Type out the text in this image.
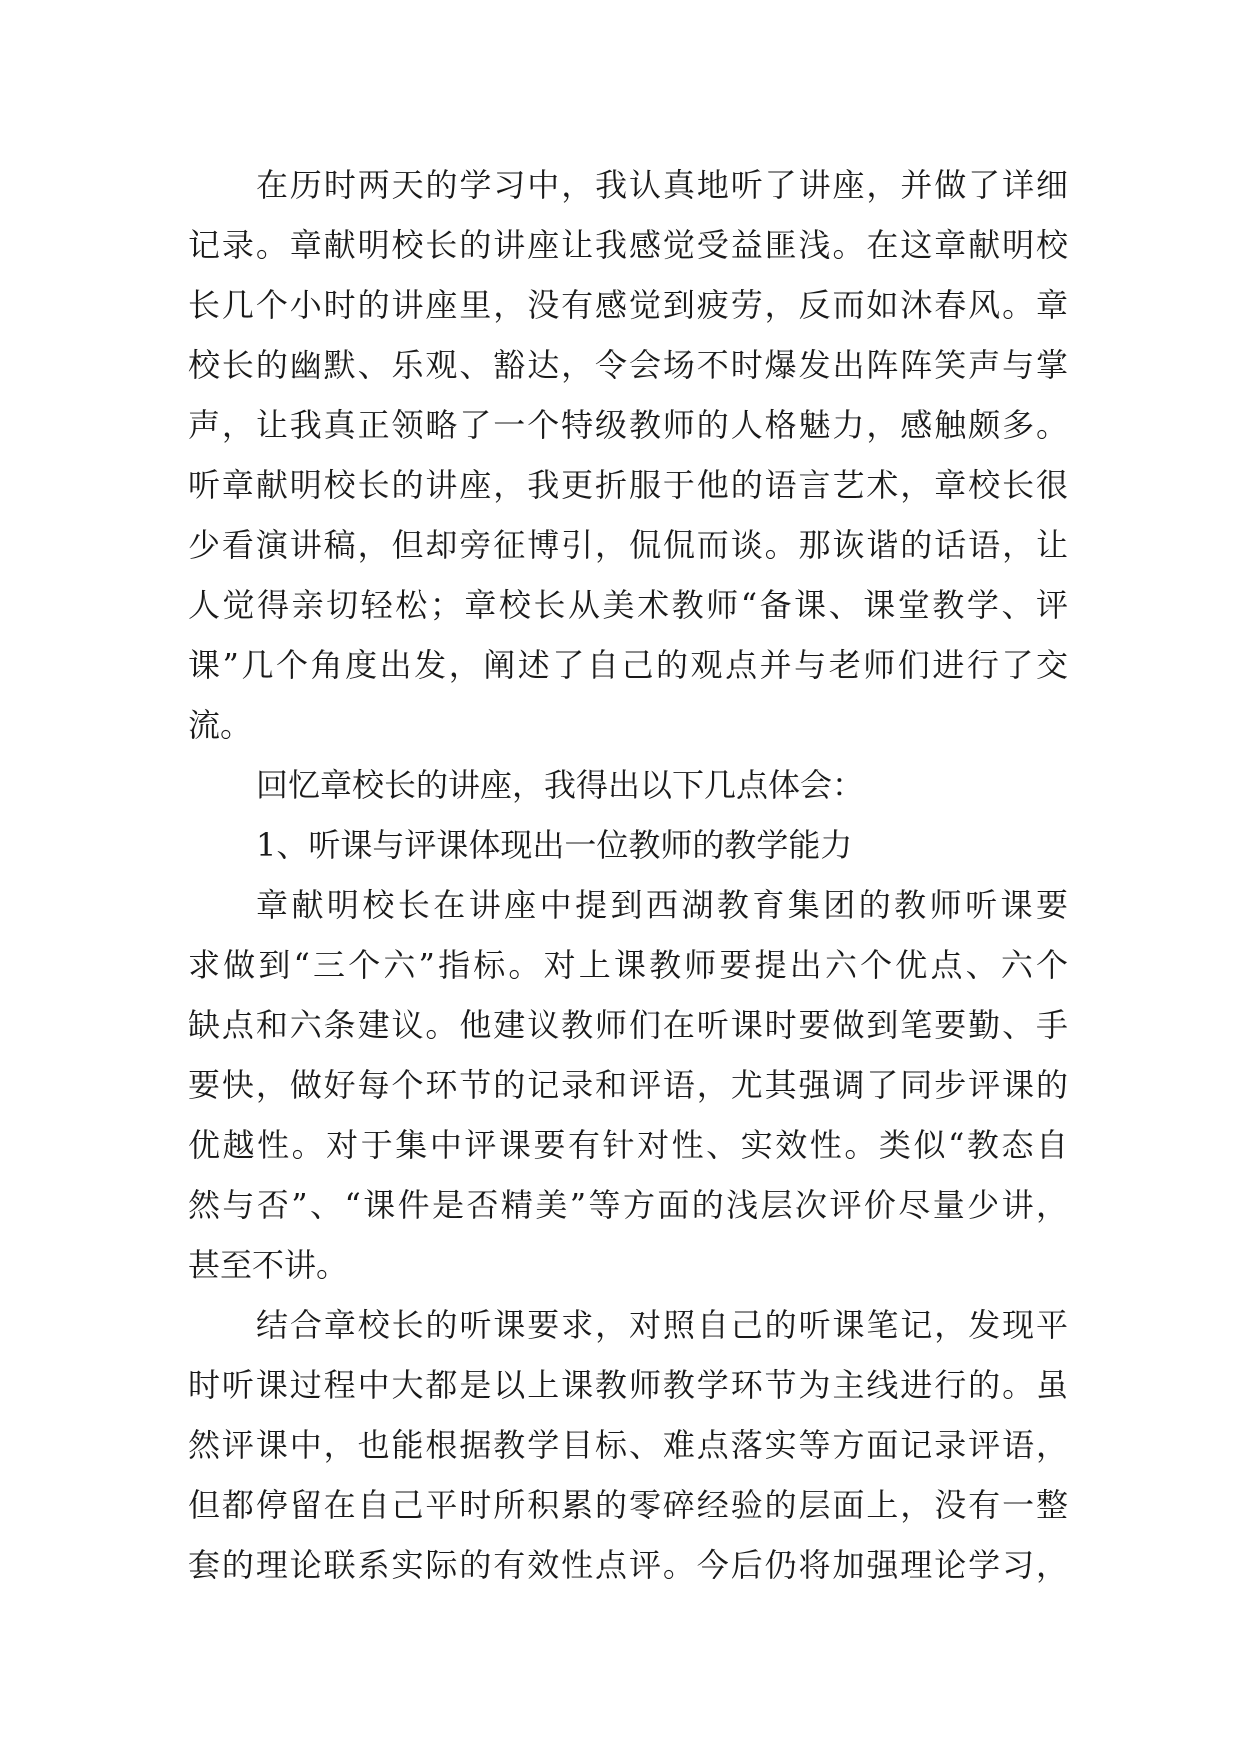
在历时两天的学习中，我认真地听了讲座，并做了详细
记录。章献明校长的讲座让我感觉受益匪浅。在这章献明校
长几个小时的讲座里，没有感觉到疲劳，反而如沐春风。章
校长的幽默、乐观、豁达，令会场不时爆发出阵阵笑声与掌
声，让我真正领略了一个特级教师的人格魅力，感触颇多。
听章献明校长的讲座，我更折服于他的语言艺术，章校长很
少看演讲稿，但却旁征博引，侃侃而谈。那诙谐的话语，让
人觉得亲切轻松；章校长从美术教师“备课、课堂教学、评
课”几个角度出发，阐述了自己的观点并与老师们进行了交
流。
回忆章校长的讲座，我得出以下几点体会：
1、听课与评课体现出一位教师的教学能力
章献明校长在讲座中提到西湖教育集团的教师听课要
求做到“三个六”指标。对上课教师要提出六个优点、六个
缺点和六条建议。他建议教师们在听课时要做到笔要勤、手
要快，做好每个环节的记录和评语，尤其强调了同步评课的
优越性。对于集中评课要有针对性、实效性。类似“教态自
然与否”、“课件是否精美”等方面的浅层次评价尽量少讲，
甚至不讲。
结合章校长的听课要求，对照自己的听课笔记，发现平
时听课过程中大都是以上课教师教学环节为主线进行的。虽
然评课中，也能根据教学目标、难点落实等方面记录评语，
但都停留在自己平时所积累的零碎经验的层面上，没有一整
套的理论联系实际的有效性点评。今后仍将加强理论学习，
